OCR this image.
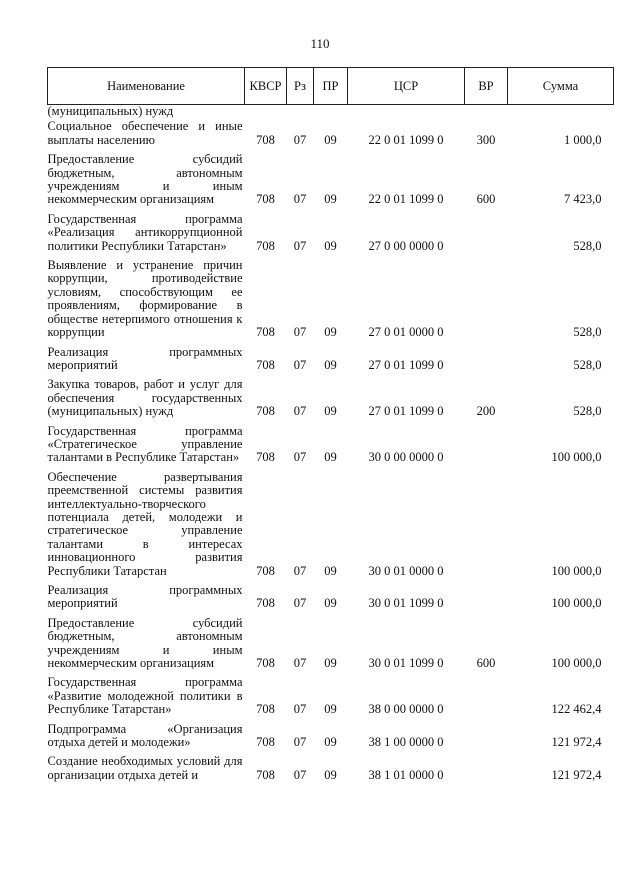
110
Наименование	КВСР	Рз	ПР	ЦСР	ВР	Сумма
(муниципальных) нужд						
Социальное обеспечение и иные выплаты населению	708	07	09	22 0 01 1099 0	300	1 000,0
Предоставление субсидий бюджетным, автономным учреждениям и иным некоммерческим организациям	708	07	09	22 0 01 1099 0	600	7 423,0
Государственная программа «Реализация антикоррупционной политики Республики Татарстан»	708	07	09	27 0 00 0000 0		528,0
Выявление и устранение причин коррупции, противодействие условиям, способствующим ее проявлениям, формирование в обществе нетерпимого отношения к коррупции	708	07	09	27 0 01 0000 0		528,0
Реализация программных мероприятий	708	07	09	27 0 01 1099 0		528,0
Закупка товаров, работ и услуг для обеспечения государственных (муниципальных) нужд	708	07	09	27 0 01 1099 0	200	528,0
Государственная программа «Стратегическое управление талантами в Республике Татарстан»	708	07	09	30 0 00 0000 0		100 000,0
Обеспечение развертывания преемственной системы развития интеллектуально-творческого потенциала детей, молодежи и стратегическое управление талантами в интересах инновационного развития Республики Татарстан	708	07	09	30 0 01 0000 0		100 000,0
Реализация программных мероприятий	708	07	09	30 0 01 1099 0		100 000,0
Предоставление субсидий бюджетным, автономным учреждениям и иным некоммерческим организациям	708	07	09	30 0 01 1099 0	600	100 000,0
Государственная программа «Развитие молодежной политики в Республике Татарстан»	708	07	09	38 0 00 0000 0		122 462,4
Подпрограмма «Организация отдыха детей и молодежи»	708	07	09	38 1 00 0000 0		121 972,4
Создание необходимых условий для организации отдыха детей и	708	07	09	38 1 01 0000 0		121 972,4
